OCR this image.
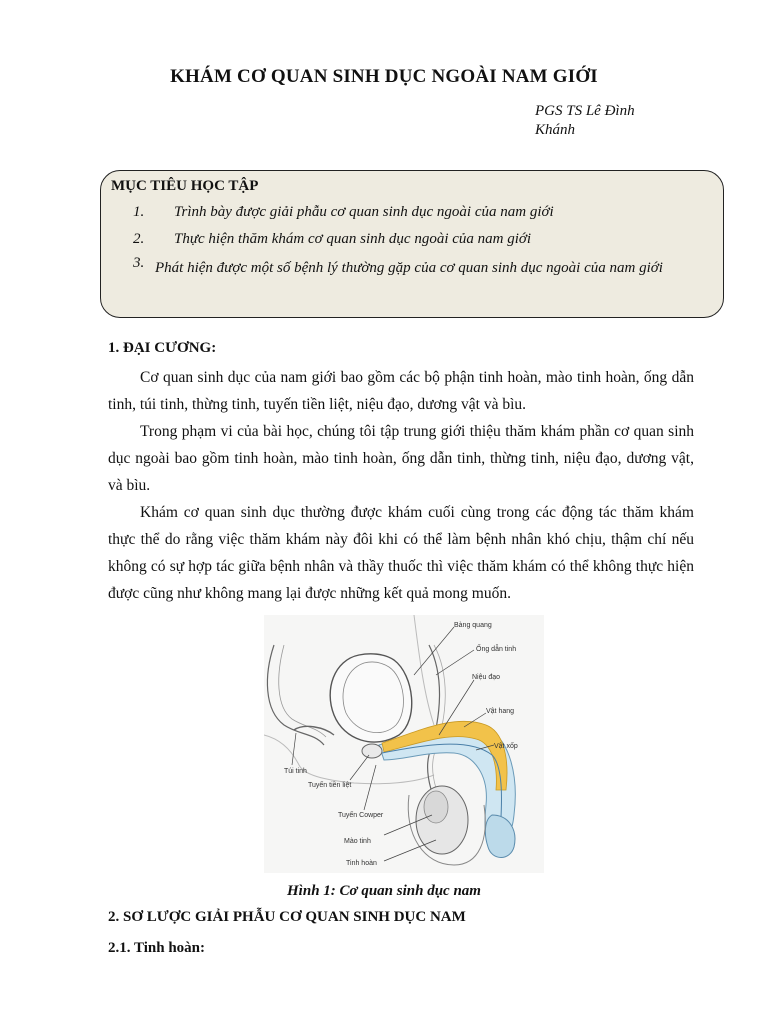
KHÁM CƠ QUAN SINH DỤC NGOÀI NAM GIỚI
PGS TS Lê Đình
Khánh
MỤC TIÊU HỌC TẬP
1. Trình bày được giải phẫu cơ quan sinh dục ngoài của nam giới
2. Thực hiện thăm khám cơ quan sinh dục ngoài của nam giới
3. Phát hiện được một số bệnh lý thường gặp của cơ quan sinh dục ngoài của nam giới
1. ĐẠI CƯƠNG:
Cơ quan sinh dục của nam giới bao gồm các bộ phận tinh hoàn, mào tinh hoàn, ống dẫn tinh, túi tinh, thừng tinh, tuyến tiền liệt, niệu đạo, dương vật và bìu.
Trong phạm vi của bài học, chúng tôi tập trung giới thiệu thăm khám phần cơ quan sinh dục ngoài bao gồm tinh hoàn, mào tinh hoàn, ống dẫn tinh, thừng tinh, niệu đạo, dương vật, và bìu.
Khám cơ quan sinh dục thường được khám cuối cùng trong các động tác thăm khám thực thể do rằng việc thăm khám này đôi khi có thể làm bệnh nhân khó chịu, thậm chí nếu không có sự hợp tác giữa bệnh nhân và thầy thuốc thì việc thăm khám có thể không thực hiện được cũng như không mang lại được những kết quả mong muốn.
Bàng quang
Ống dẫn tinh
Niệu đạo
Vật hang
Vật xốp
Túi tinh
Tuyến tiền liệt
Tuyến Cowper
Mào tinh
Tinh hoàn
Hình 1: Cơ quan sinh dục nam
2. SƠ LƯỢC GIẢI PHẪU CƠ QUAN SINH DỤC NAM
2.1. Tinh hoàn:
